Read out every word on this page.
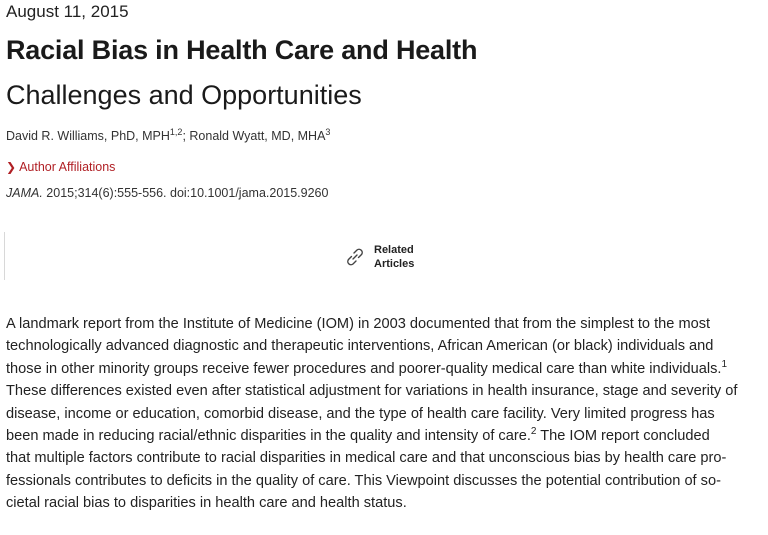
August 11, 2015
Racial Bias in Health Care and Health
Challenges and Opportunities
David R. Williams, PhD, MPH$^{1,2}$; Ronald Wyatt, MD, MHA$^3$
❯ Author Affiliations
JAMA. 2015;314(6):555-556. doi:10.1001/jama.2015.9260
Related
Articles
A landmark report from the Institute of Medicine (IOM) in 2003 documented that from the simplest to the most
technologically advanced diagnostic and therapeutic interventions, African American (or black) individuals and
those in other minority groups receive fewer procedures and poorer-quality medical care than white individuals.$^1$
These differences existed even after statistical adjustment for variations in health insurance, stage and severity of
disease, income or education, comorbid disease, and the type of health care facility. Very limited progress has
been made in reducing racial/ethnic disparities in the quality and intensity of care.$^2$ The IOM report concluded
that multiple factors contribute to racial disparities in medical care and that unconscious bias by health care pro-
fessionals contributes to deficits in the quality of care. This Viewpoint discusses the potential contribution of so-
cietal racial bias to disparities in health care and health status.
